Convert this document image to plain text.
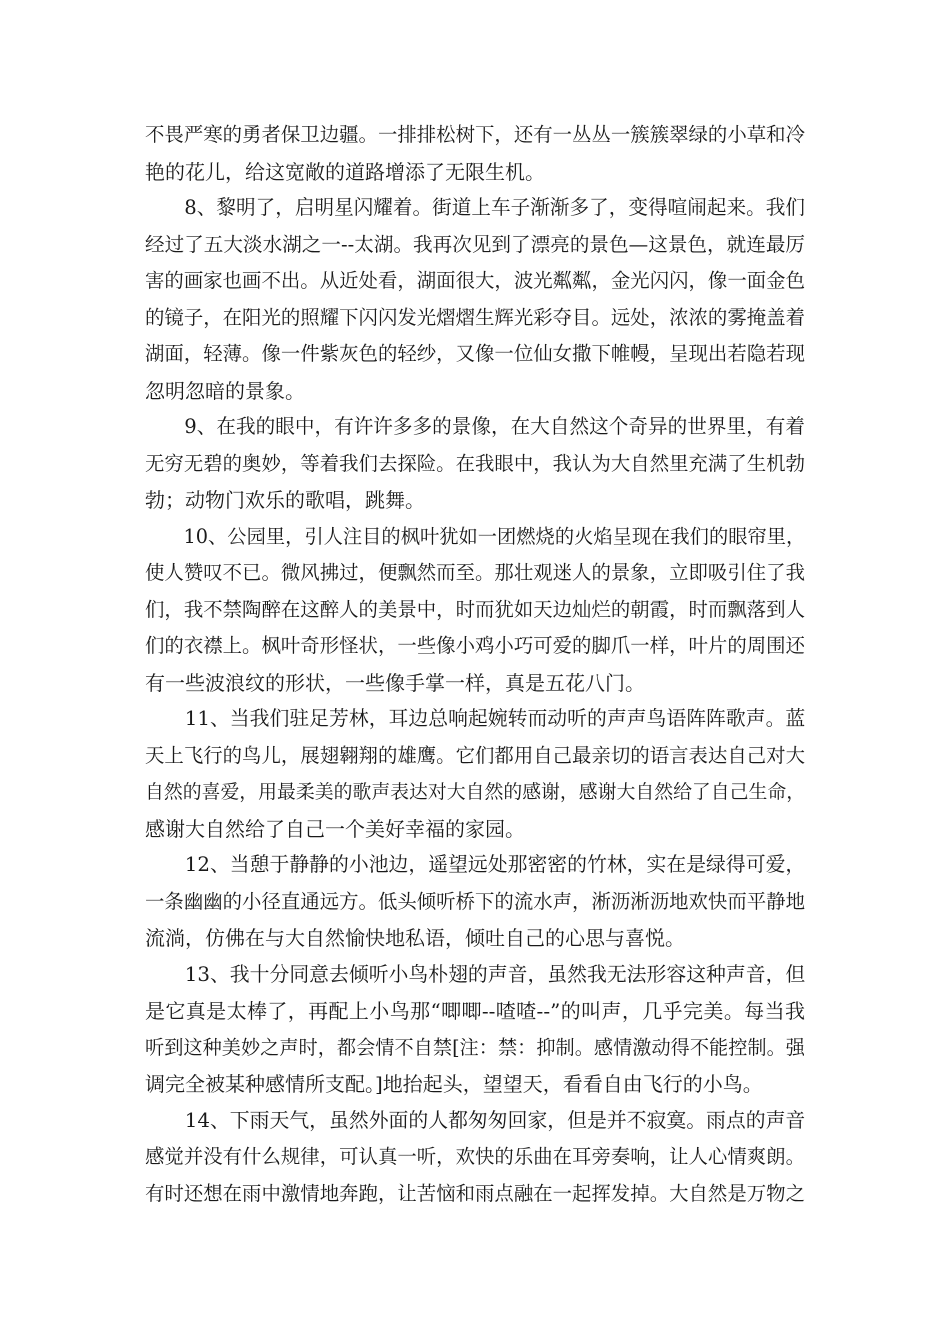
不畏严寒的勇者保卫边疆。一排排松树下，还有一丛丛一簇簇翠绿的小草和冷
艳的花儿，给这宽敞的道路增添了无限生机。

8、黎明了，启明星闪耀着。街道上车子渐渐多了，变得喧闹起来。我们
经过了五大淡水湖之一--太湖。我再次见到了漂亮的景色—这景色，就连最厉
害的画家也画不出。从近处看，湖面很大，波光粼粼，金光闪闪，像一面金色
的镜子，在阳光的照耀下闪闪发光熠熠生辉光彩夺目。远处，浓浓的雾掩盖着
湖面，轻薄。像一件紫灰色的轻纱，又像一位仙女撒下帷幔，呈现出若隐若现
忽明忽暗的景象。

9、在我的眼中，有许许多多的景像，在大自然这个奇异的世界里，有着
无穷无碧的奥妙，等着我们去探险。在我眼中，我认为大自然里充满了生机勃
勃；动物门欢乐的歌唱，跳舞。

10、公园里，引人注目的枫叶犹如一团燃烧的火焰呈现在我们的眼帘里，
使人赞叹不已。微风拂过，便飘然而至。那壮观迷人的景象，立即吸引住了我
们，我不禁陶醉在这醉人的美景中，时而犹如天边灿烂的朝霞，时而飘落到人
们的衣襟上。枫叶奇形怪状，一些像小鸡小巧可爱的脚爪一样，叶片的周围还
有一些波浪纹的形状，一些像手掌一样，真是五花八门。

11、当我们驻足芳林，耳边总响起婉转而动听的声声鸟语阵阵歌声。蓝
天上飞行的鸟儿，展翅翱翔的雄鹰。它们都用自己最亲切的语言表达自己对大
自然的喜爱，用最柔美的歌声表达对大自然的感谢，感谢大自然给了自己生命，
感谢大自然给了自己一个美好幸福的家园。

12、当憩于静静的小池边，遥望远处那密密的竹林，实在是绿得可爱，
一条幽幽的小径直通远方。低头倾听桥下的流水声，淅沥淅沥地欢快而平静地
流淌，仿佛在与大自然愉快地私语，倾吐自己的心思与喜悦。

13、我十分同意去倾听小鸟朴翅的声音，虽然我无法形容这种声音，但
是它真是太棒了，再配上小鸟那“唧唧--喳喳--”的叫声，几乎完美。每当我
听到这种美妙之声时，都会情不自禁[注：禁：抑制。感情激动得不能控制。强
调完全被某种感情所支配。]地抬起头，望望天，看看自由飞行的小鸟。

14、下雨天气，虽然外面的人都匆匆回家，但是并不寂寞。雨点的声音
感觉并没有什么规律，可认真一听，欢快的乐曲在耳旁奏响，让人心情爽朗。
有时还想在雨中激情地奔跑，让苦恼和雨点融在一起挥发掉。大自然是万物之
